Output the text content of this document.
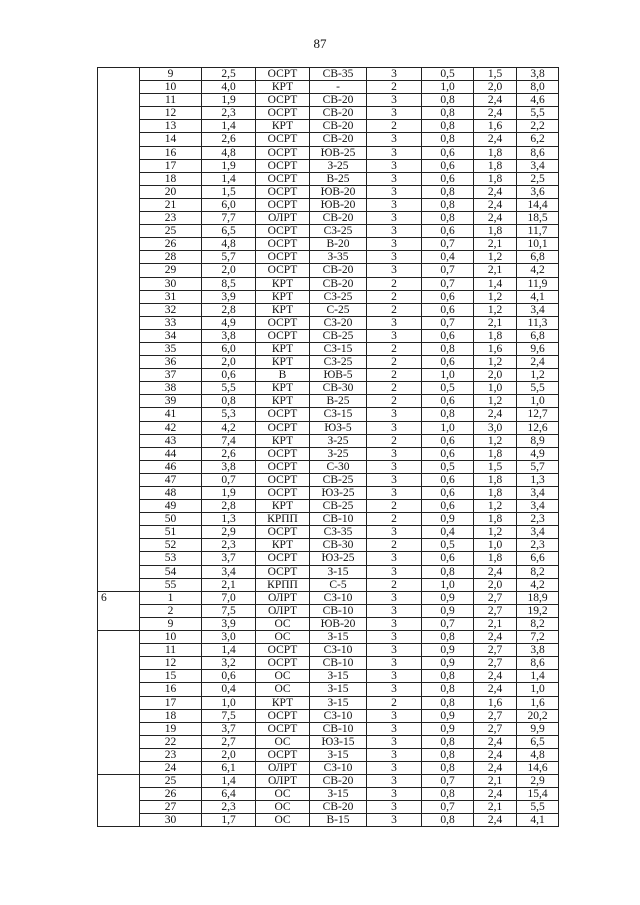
87
	9	2,5	ОСРТ	СВ-35	3	0,5	1,5	3,8
	10	4,0	КРТ	-	2	1,0	2,0	8,0
	11	1,9	ОСРТ	СВ-20	3	0,8	2,4	4,6
	12	2,3	ОСРТ	СВ-20	3	0,8	2,4	5,5
	13	1,4	КРТ	СВ-20	2	0,8	1,6	2,2
	14	2,6	ОСРТ	СВ-20	3	0,8	2,4	6,2
	16	4,8	ОСРТ	ЮВ-25	3	0,6	1,8	8,6
	17	1,9	ОСРТ	З-25	3	0,6	1,8	3,4
	18	1,4	ОСРТ	В-25	3	0,6	1,8	2,5
	20	1,5	ОСРТ	ЮВ-20	3	0,8	2,4	3,6
	21	6,0	ОСРТ	ЮВ-20	3	0,8	2,4	14,4
	23	7,7	ОЛРТ	СВ-20	3	0,8	2,4	18,5
	25	6,5	ОСРТ	СЗ-25	3	0,6	1,8	11,7
	26	4,8	ОСРТ	В-20	3	0,7	2,1	10,1
	28	5,7	ОСРТ	З-35	3	0,4	1,2	6,8
	29	2,0	ОСРТ	СВ-20	3	0,7	2,1	4,2
	30	8,5	КРТ	СВ-20	2	0,7	1,4	11,9
	31	3,9	КРТ	СЗ-25	2	0,6	1,2	4,1
	32	2,8	КРТ	С-25	2	0,6	1,2	3,4
	33	4,9	ОСРТ	СЗ-20	3	0,7	2,1	11,3
	34	3,8	ОСРТ	СВ-25	3	0,6	1,8	6,8
	35	6,0	КРТ	СЗ-15	2	0,8	1,6	9,6
	36	2,0	КРТ	СЗ-25	2	0,6	1,2	2,4
	37	0,6	В	ЮВ-5	2	1,0	2,0	1,2
	38	5,5	КРТ	СВ-30	2	0,5	1,0	5,5
	39	0,8	КРТ	В-25	2	0,6	1,2	1,0
	41	5,3	ОСРТ	СЗ-15	3	0,8	2,4	12,7
	42	4,2	ОСРТ	ЮЗ-5	3	1,0	3,0	12,6
	43	7,4	КРТ	З-25	2	0,6	1,2	8,9
	44	2,6	ОСРТ	З-25	3	0,6	1,8	4,9
	46	3,8	ОСРТ	С-30	3	0,5	1,5	5,7
	47	0,7	ОСРТ	СВ-25	3	0,6	1,8	1,3
	48	1,9	ОСРТ	ЮЗ-25	3	0,6	1,8	3,4
	49	2,8	КРТ	СВ-25	2	0,6	1,2	3,4
	50	1,3	КРПП	СВ-10	2	0,9	1,8	2,3
	51	2,9	ОСРТ	СЗ-35	3	0,4	1,2	3,4
	52	2,3	КРТ	СВ-30	2	0,5	1,0	2,3
	53	3,7	ОСРТ	ЮЗ-25	3	0,6	1,8	6,6
	54	3,4	ОСРТ	З-15	3	0,8	2,4	8,2
	55	2,1	КРПП	С-5	2	1,0	2,0	4,2
6	1	7,0	ОЛРТ	СЗ-10	3	0,9	2,7	18,9
	2	7,5	ОЛРТ	СВ-10	3	0,9	2,7	19,2
	9	3,9	ОС	ЮВ-20	3	0,7	2,1	8,2
	10	3,0	ОС	З-15	3	0,8	2,4	7,2
	11	1,4	ОСРТ	СЗ-10	3	0,9	2,7	3,8
	12	3,2	ОСРТ	СВ-10	3	0,9	2,7	8,6
	15	0,6	ОС	З-15	3	0,8	2,4	1,4
	16	0,4	ОС	З-15	3	0,8	2,4	1,0
	17	1,0	КРТ	З-15	2	0,8	1,6	1,6
	18	7,5	ОСРТ	СЗ-10	3	0,9	2,7	20,2
	19	3,7	ОСРТ	СВ-10	3	0,9	2,7	9,9
	22	2,7	ОС	ЮЗ-15	3	0,8	2,4	6,5
	23	2,0	ОСРТ	З-15	3	0,8	2,4	4,8
	24	6,1	ОЛРТ	СЗ-10	3	0,8	2,4	14,6
	25	1,4	ОЛРТ	СВ-20	3	0,7	2,1	2,9
	26	6,4	ОС	З-15	3	0,8	2,4	15,4
	27	2,3	ОС	СВ-20	3	0,7	2,1	5,5
	30	1,7	ОС	В-15	3	0,8	2,4	4,1
